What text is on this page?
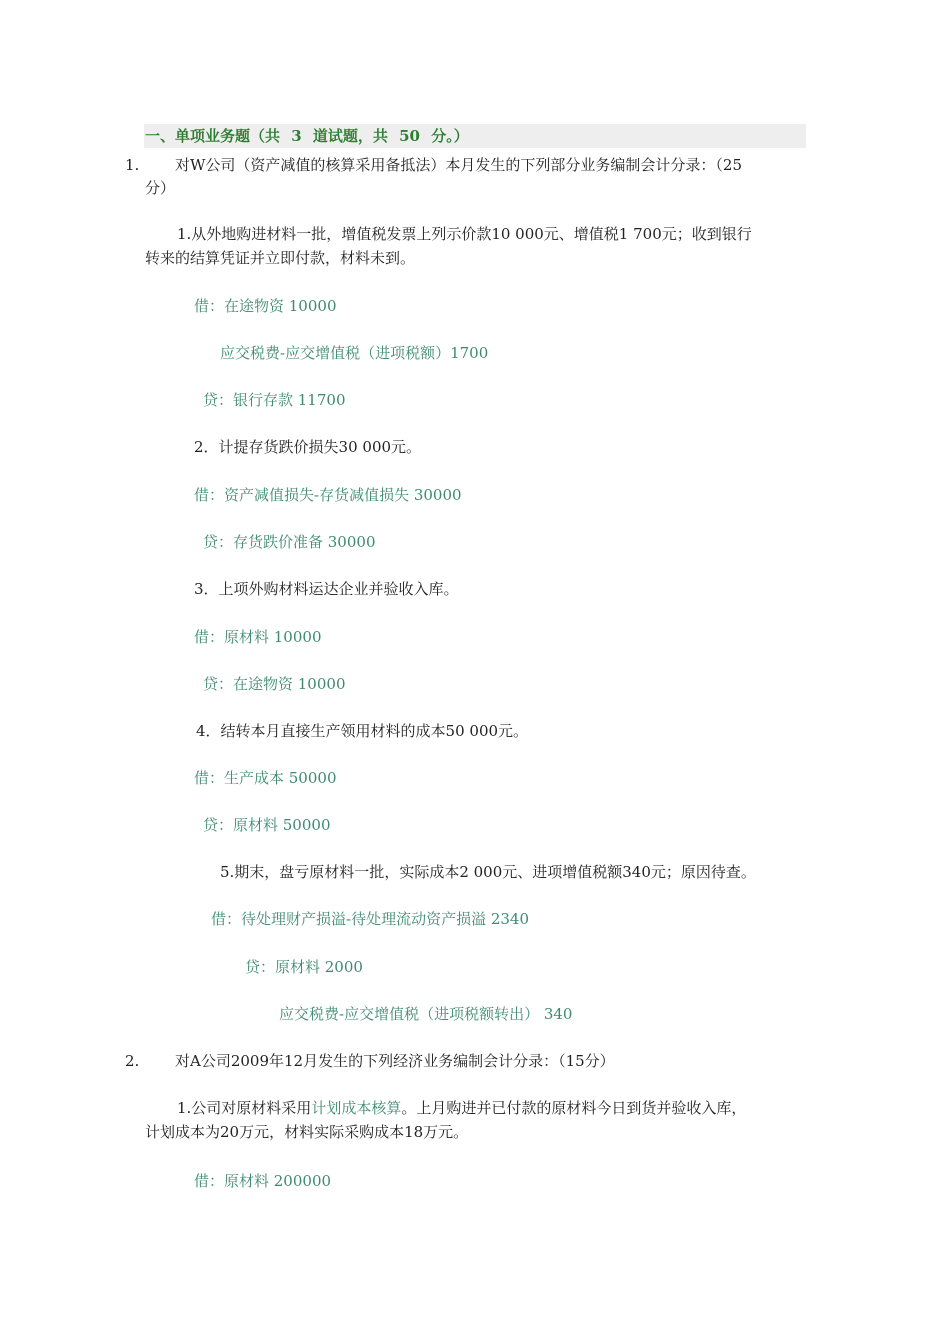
一、单项业务题（共 3 道试题，共 50 分。）
1. 对W公司（资产减值的核算采用备抵法）本月发生的下列部分业务编制会计分录：（25
分）
1.从外地购进材料一批，增值税发票上列示价款10 000元、增值税1 700元；收到银行
转来的结算凭证并立即付款，材料未到。
借：在途物资 10000
应交税费-应交增值税（进项税额）1700
贷：银行存款 11700
2．计提存货跌价损失30 000元。
借：资产减值损失-存货减值损失 30000
贷：存货跌价准备 30000
3．上项外购材料运达企业并验收入库。
借：原材料 10000
贷：在途物资 10000
4．结转本月直接生产领用材料的成本50 000元。
借：生产成本 50000
贷：原材料 50000
5.期末，盘亏原材料一批，实际成本2 000元、进项增值税额340元；原因待查。
借：待处理财产损溢-待处理流动资产损溢 2340
贷：原材料 2000
应交税费-应交增值税（进项税额转出） 340
2. 对A公司2009年12月发生的下列经济业务编制会计分录：（15分）
1.公司对原材料采用计划成本核算。上月购进并已付款的原材料今日到货并验收入库，
计划成本为20万元，材料实际采购成本18万元。
借：原材料 200000
